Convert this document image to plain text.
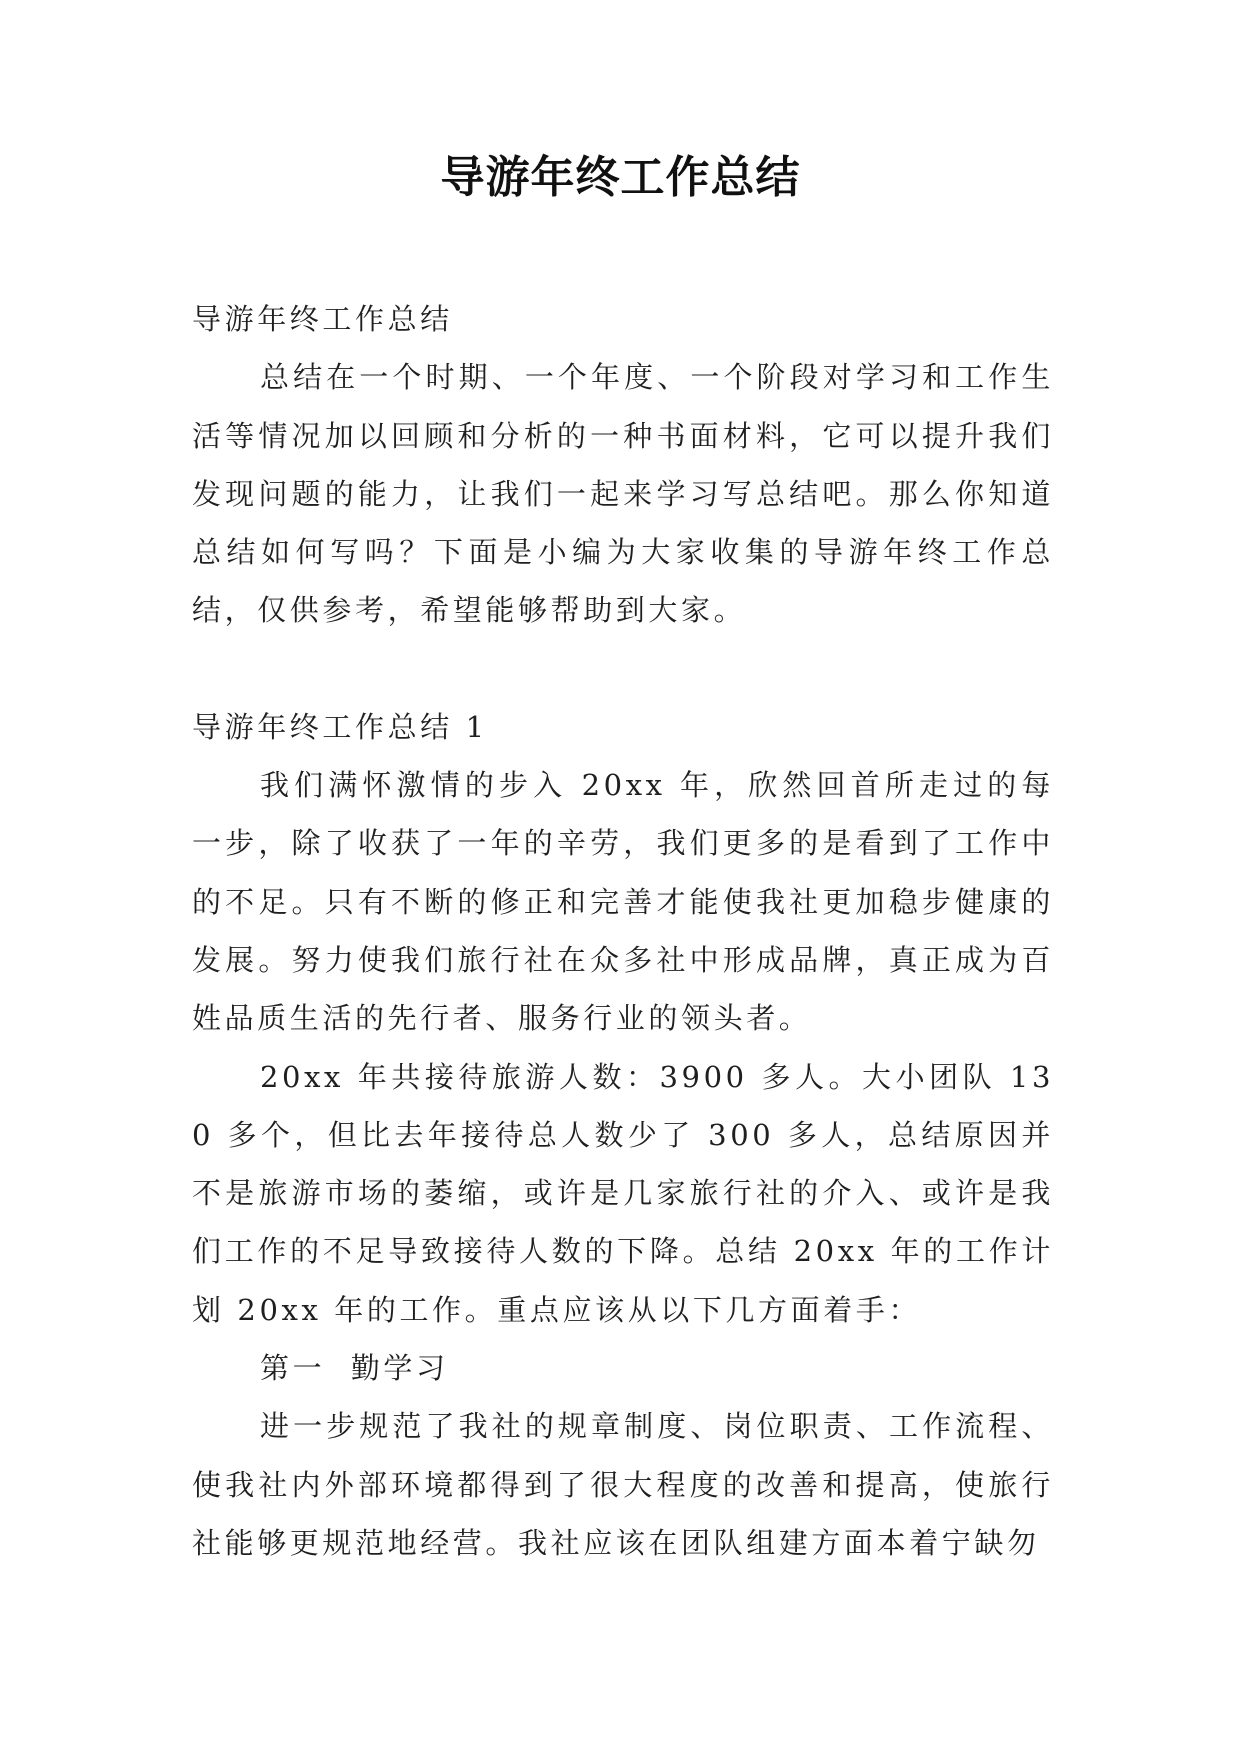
导游年终工作总结

导游年终工作总结

总结在一个时期、一个年度、一个阶段对学习和工作生活等情况加以回顾和分析的一种书面材料，它可以提升我们发现问题的能力，让我们一起来学习写总结吧。那么你知道总结如何写吗？下面是小编为大家收集的导游年终工作总结，仅供参考，希望能够帮助到大家。

导游年终工作总结 1

我们满怀激情的步入 20xx 年，欣然回首所走过的每一步，除了收获了一年的辛劳，我们更多的是看到了工作中的不足。只有不断的修正和完善才能使我社更加稳步健康的发展。努力使我们旅行社在众多社中形成品牌，真正成为百姓品质生活的先行者、服务行业的领头者。

20xx 年共接待旅游人数：3900 多人。大小团队 130 多个，但比去年接待总人数少了 300 多人，总结原因并不是旅游市场的萎缩，或许是几家旅行社的介入、或许是我们工作的不足导致接待人数的下降。总结 20xx 年的工作计划 20xx 年的工作。重点应该从以下几方面着手：

第一  勤学习

进一步规范了我社的规章制度、岗位职责、工作流程、使我社内外部环境都得到了很大程度的改善和提高，使旅行社能够更规范地经营。我社应该在团队组建方面本着宁缺勿
